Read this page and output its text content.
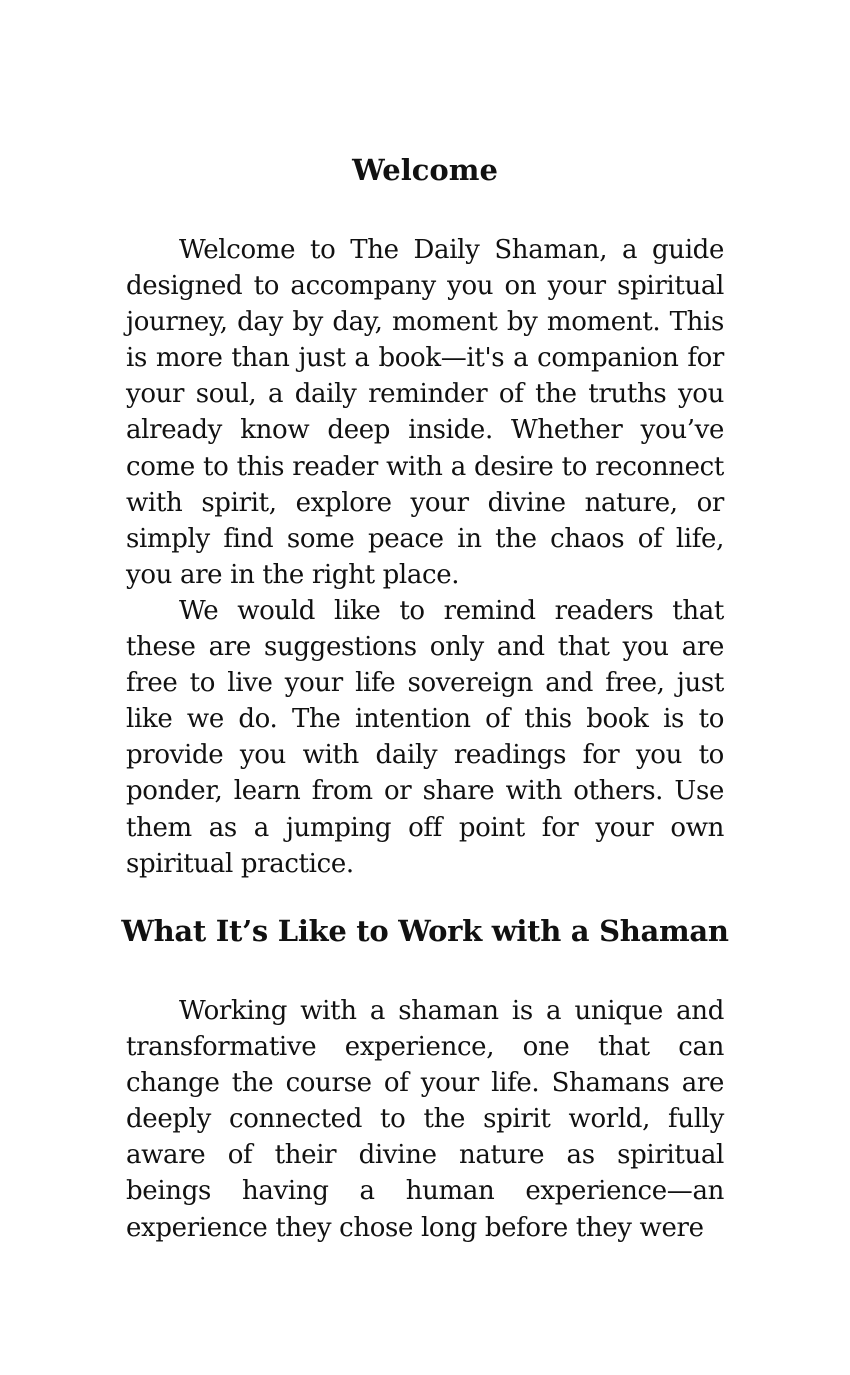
Welcome

Welcome to The Daily Shaman, a guide designed to accompany you on your spiritual journey, day by day, moment by moment. This is more than just a book—it's a companion for your soul, a daily reminder of the truths you already know deep inside. Whether you’ve come to this reader with a desire to reconnect with spirit, explore your divine nature, or simply find some peace in the chaos of life, you are in the right place.

We would like to remind readers that these are suggestions only and that you are free to live your life sovereign and free, just like we do. The intention of this book is to provide you with daily readings for you to ponder, learn from or share with others. Use them as a jumping off point for your own spiritual practice.

What It’s Like to Work with a Shaman

Working with a shaman is a unique and transformative experience, one that can change the course of your life. Shamans are deeply connected to the spirit world, fully aware of their divine nature as spiritual beings having a human experience—an experience they chose long before they were
